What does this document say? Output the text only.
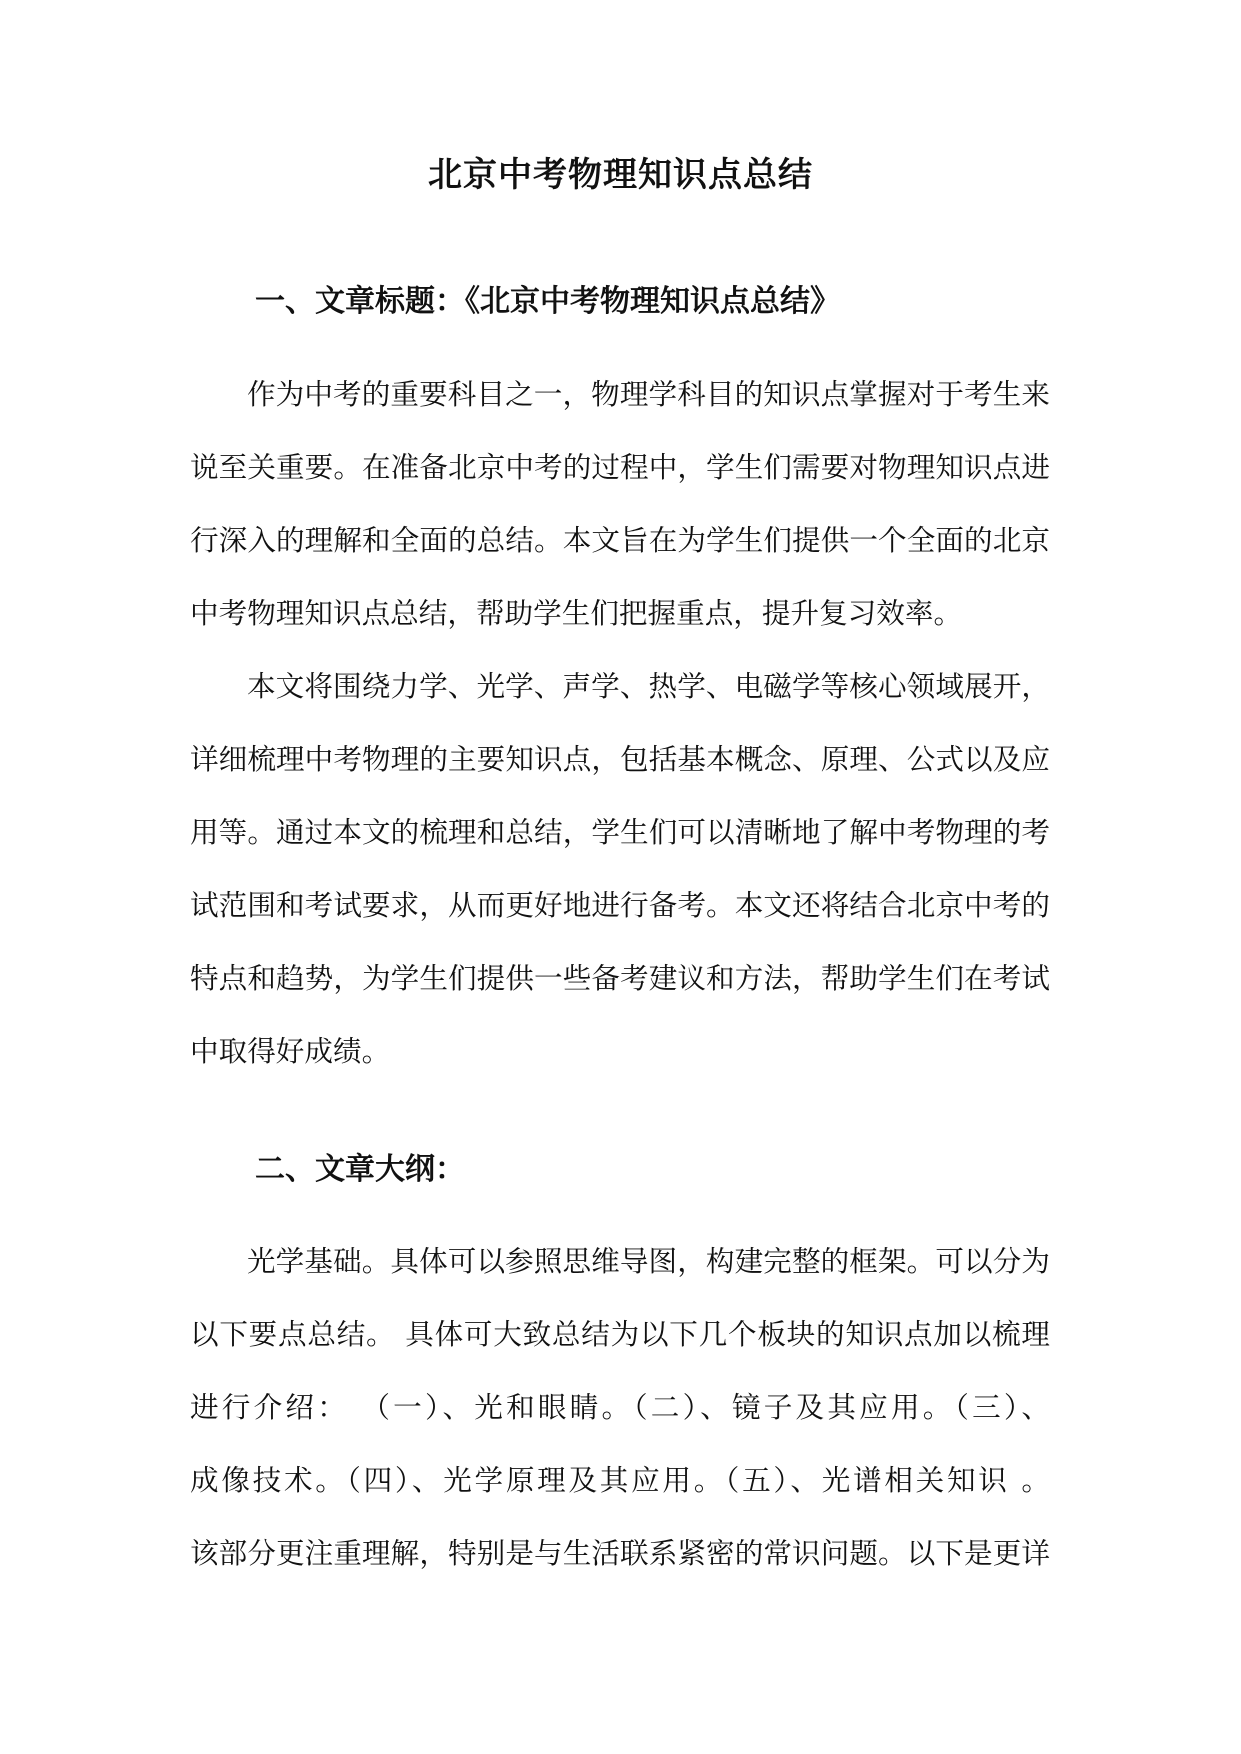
北京中考物理知识点总结
一、文章标题：《北京中考物理知识点总结》

作为中考的重要科目之一，物理学科目的知识点掌握对于考生来
说至关重要。在准备北京中考的过程中，学生们需要对物理知识点进
行深入的理解和全面的总结。本文旨在为学生们提供一个全面的北京
中考物理知识点总结，帮助学生们把握重点，提升复习效率。

本文将围绕力学、光学、声学、热学、电磁学等核心领域展开，
详细梳理中考物理的主要知识点，包括基本概念、原理、公式以及应
用等。通过本文的梳理和总结，学生们可以清晰地了解中考物理的考
试范围和考试要求，从而更好地进行备考。本文还将结合北京中考的
特点和趋势，为学生们提供一些备考建议和方法，帮助学生们在考试
中取得好成绩。

二、文章大纲：

光学基础。具体可以参照思维导图，构建完整的框架。可以分为
以下要点总结。 具体可大致总结为以下几个板块的知识点加以梳理
进行介绍： （一）、光和眼睛。（二）、镜子及其应用。（三）、
成像技术。（四）、光学原理及其应用。（五）、光谱相关知识 。
该部分更注重理解，特别是与生活联系紧密的常识问题。以下是更详
